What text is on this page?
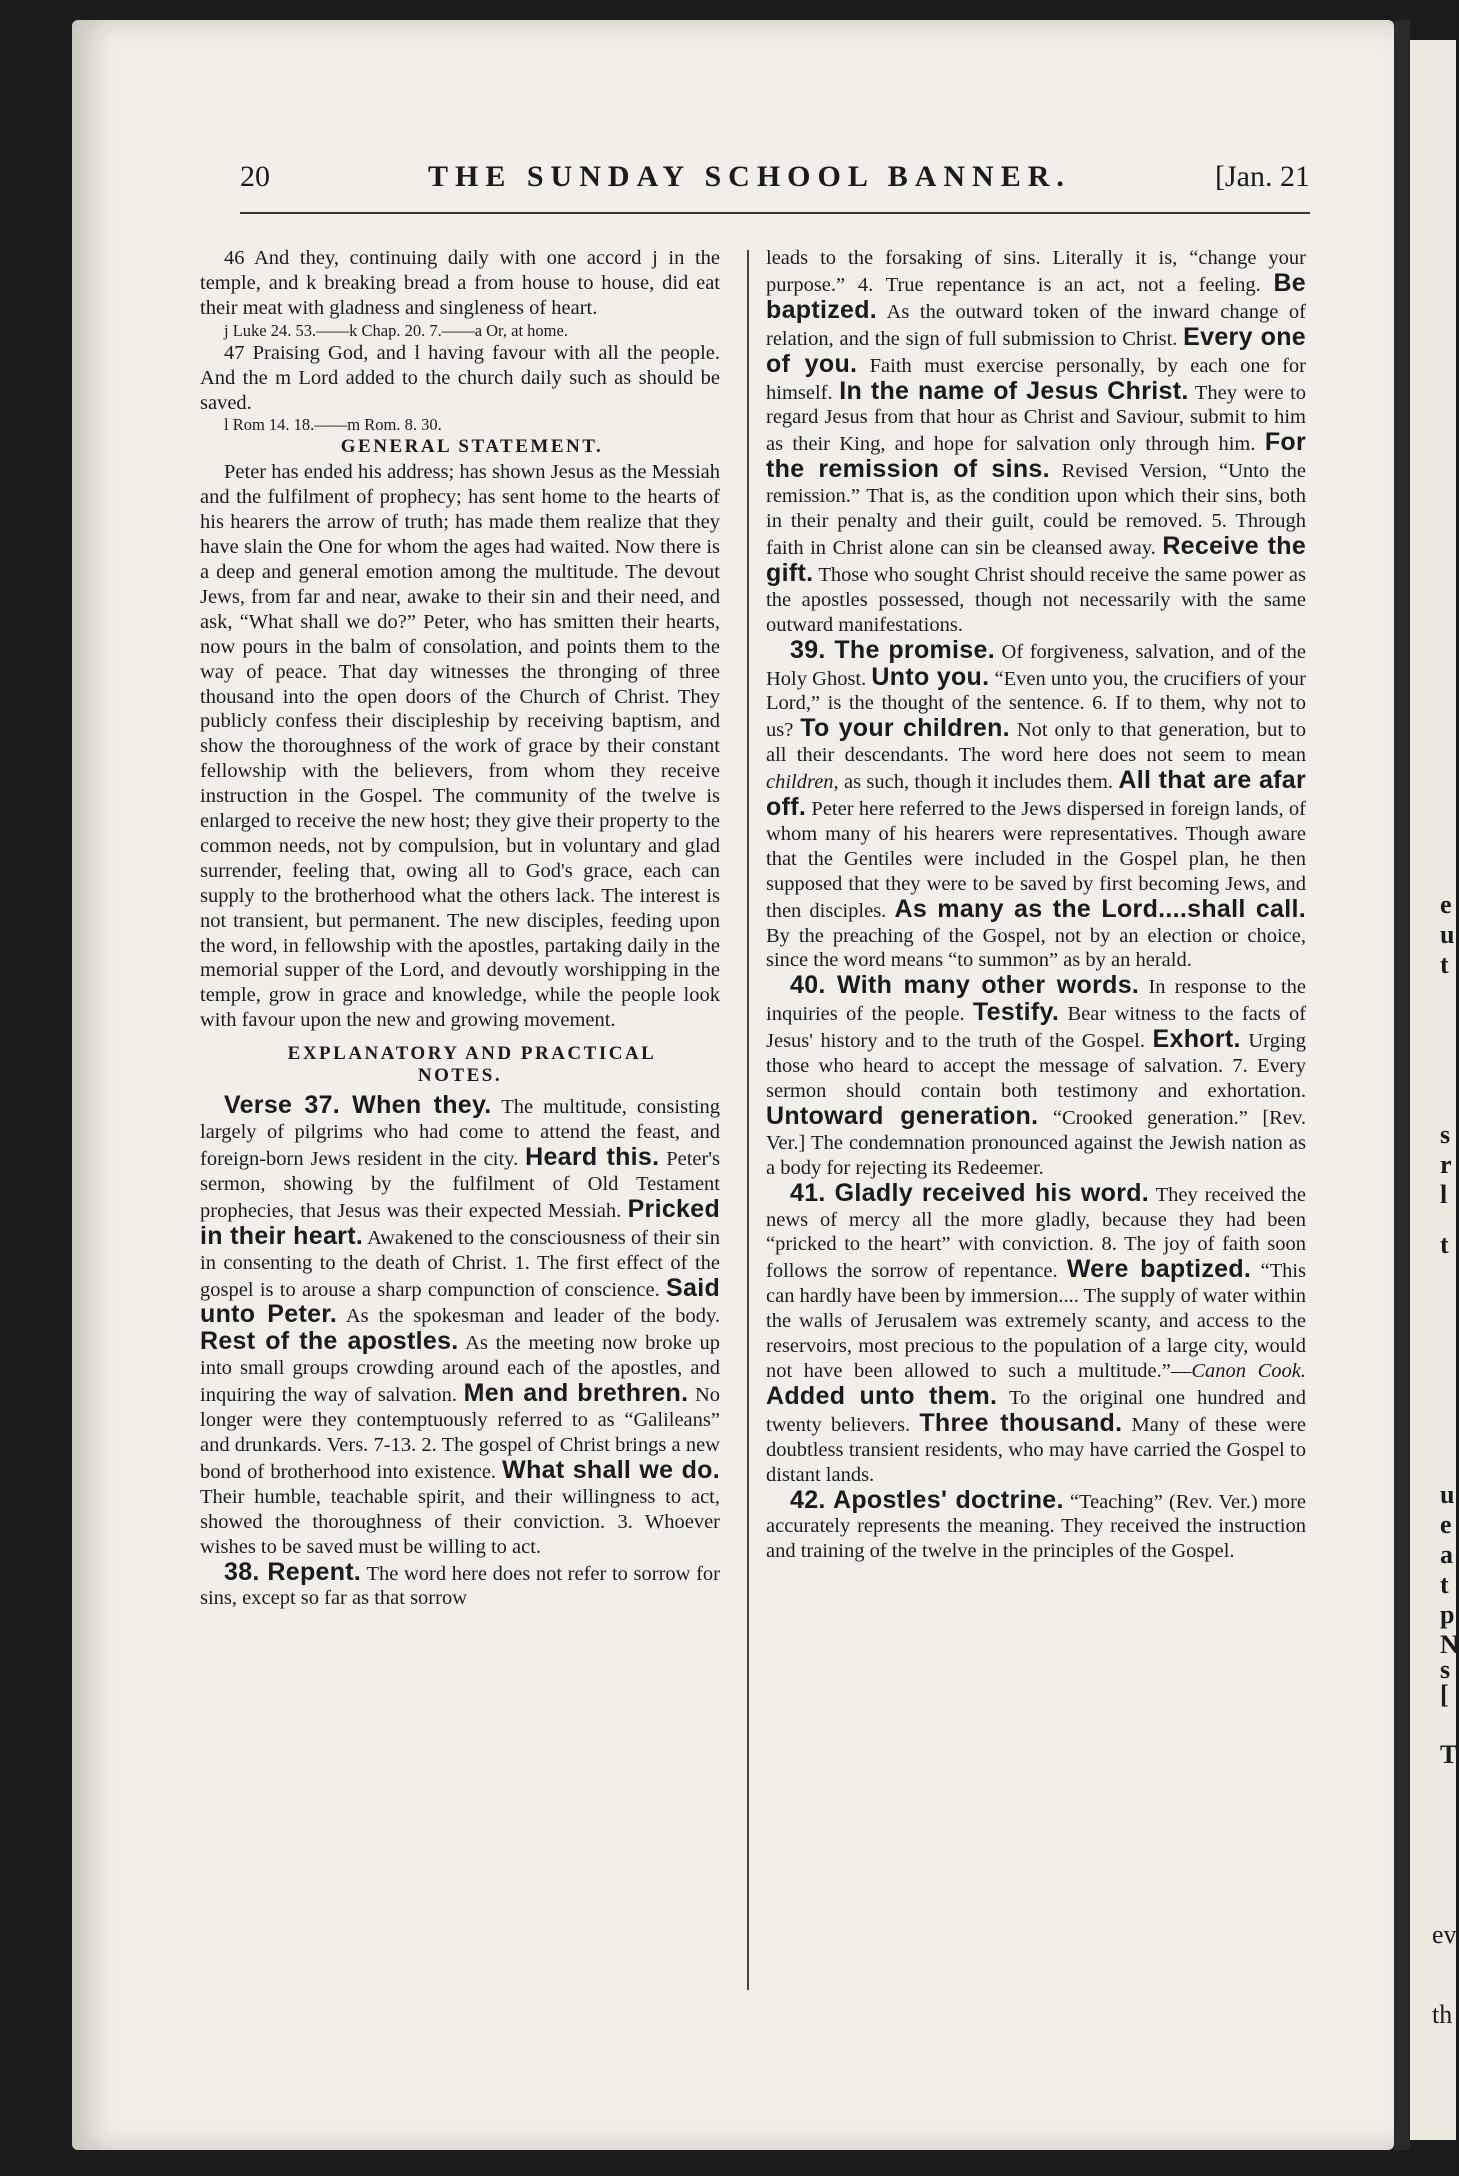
e
u
t
s
r
l
t
u
e
a
t
p
N
s
[
T
ev
th
20	THE SUNDAY SCHOOL BANNER.	[Jan. 21

46 And they, continuing daily with one accord j in the temple, and k breaking bread a from house to house, did eat their meat with gladness and singleness of heart.

j Luke 24. 53.——k Chap. 20. 7.——a Or, at home.

47 Praising God, and l having favour with all the people. And the m Lord added to the church daily such as should be saved.

l Rom 14. 18.——m Rom. 8. 30.

GENERAL STATEMENT.

Peter has ended his address; has shown Jesus as the Messiah and the fulfilment of prophecy; has sent home to the hearts of his hearers the arrow of truth; has made them realize that they have slain the One for whom the ages had waited. Now there is a deep and general emotion among the multitude. The devout Jews, from far and near, awake to their sin and their need, and ask, “What shall we do?” Peter, who has smitten their hearts, now pours in the balm of consolation, and points them to the way of peace. That day witnesses the thronging of three thousand into the open doors of the Church of Christ. They publicly confess their discipleship by receiving baptism, and show the thoroughness of the work of grace by their constant fellowship with the believers, from whom they receive instruction in the Gospel. The community of the twelve is enlarged to receive the new host; they give their property to the common needs, not by compulsion, but in voluntary and glad surrender, feeling that, owing all to God's grace, each can supply to the brotherhood what the others lack. The interest is not transient, but permanent. The new disciples, feeding upon the word, in fellowship with the apostles, partaking daily in the memorial supper of the Lord, and devoutly worshipping in the temple, grow in grace and knowledge, while the people look with favour upon the new and growing movement.

EXPLANATORY AND PRACTICAL
NOTES.

Verse 37. When they. The multitude, consisting largely of pilgrims who had come to attend the feast, and foreign-born Jews resident in the city. Heard this. Peter's sermon, showing by the fulfilment of Old Testament prophecies, that Jesus was their expected Messiah. Pricked in their heart. Awakened to the consciousness of their sin in consenting to the death of Christ. 1. The first effect of the gospel is to arouse a sharp compunction of conscience. Said unto Peter. As the spokesman and leader of the body. Rest of the apostles. As the meeting now broke up into small groups crowding around each of the apostles, and inquiring the way of salvation. Men and brethren. No longer were they contemptuously referred to as “Galileans” and drunkards. Vers. 7-13. 2. The gospel of Christ brings a new bond of brotherhood into existence. What shall we do. Their humble, teachable spirit, and their willingness to act, showed the thoroughness of their conviction. 3. Whoever wishes to be saved must be willing to act.

38. Repent. The word here does not refer to sorrow for sins, except so far as that sorrow

leads to the forsaking of sins. Literally it is, “change your purpose.” 4. True repentance is an act, not a feeling. Be baptized. As the outward token of the inward change of relation, and the sign of full submission to Christ. Every one of you. Faith must exercise personally, by each one for himself. In the name of Jesus Christ. They were to regard Jesus from that hour as Christ and Saviour, submit to him as their King, and hope for salvation only through him. For the remission of sins. Revised Version, “Unto the remission.” That is, as the condition upon which their sins, both in their penalty and their guilt, could be removed. 5. Through faith in Christ alone can sin be cleansed away. Receive the gift. Those who sought Christ should receive the same power as the apostles possessed, though not necessarily with the same outward manifestations.

39. The promise. Of forgiveness, salvation, and of the Holy Ghost. Unto you. “Even unto you, the crucifiers of your Lord,” is the thought of the sentence. 6. If to them, why not to us? To your children. Not only to that generation, but to all their descendants. The word here does not seem to mean children, as such, though it includes them. All that are afar off. Peter here referred to the Jews dispersed in foreign lands, of whom many of his hearers were representatives. Though aware that the Gentiles were included in the Gospel plan, he then supposed that they were to be saved by first becoming Jews, and then disciples. As many as the Lord....shall call. By the preaching of the Gospel, not by an election or choice, since the word means “to summon” as by an herald.

40. With many other words. In response to the inquiries of the people. Testify. Bear witness to the facts of Jesus' history and to the truth of the Gospel. Exhort. Urging those who heard to accept the message of salvation. 7. Every sermon should contain both testimony and exhortation. Untoward generation. “Crooked generation.” [Rev. Ver.] The condemnation pronounced against the Jewish nation as a body for rejecting its Redeemer.

41. Gladly received his word. They received the news of mercy all the more gladly, because they had been “pricked to the heart” with conviction. 8. The joy of faith soon follows the sorrow of repentance. Were baptized. “This can hardly have been by immersion.... The supply of water within the walls of Jerusalem was extremely scanty, and access to the reservoirs, most precious to the population of a large city, would not have been allowed to such a multitude.”—Canon Cook. Added unto them. To the original one hundred and twenty believers. Three thousand. Many of these were doubtless transient residents, who may have carried the Gospel to distant lands.

42. Apostles' doctrine. “Teaching” (Rev. Ver.) more accurately represents the meaning. They received the instruction and training of the twelve in the principles of the Gospel.
